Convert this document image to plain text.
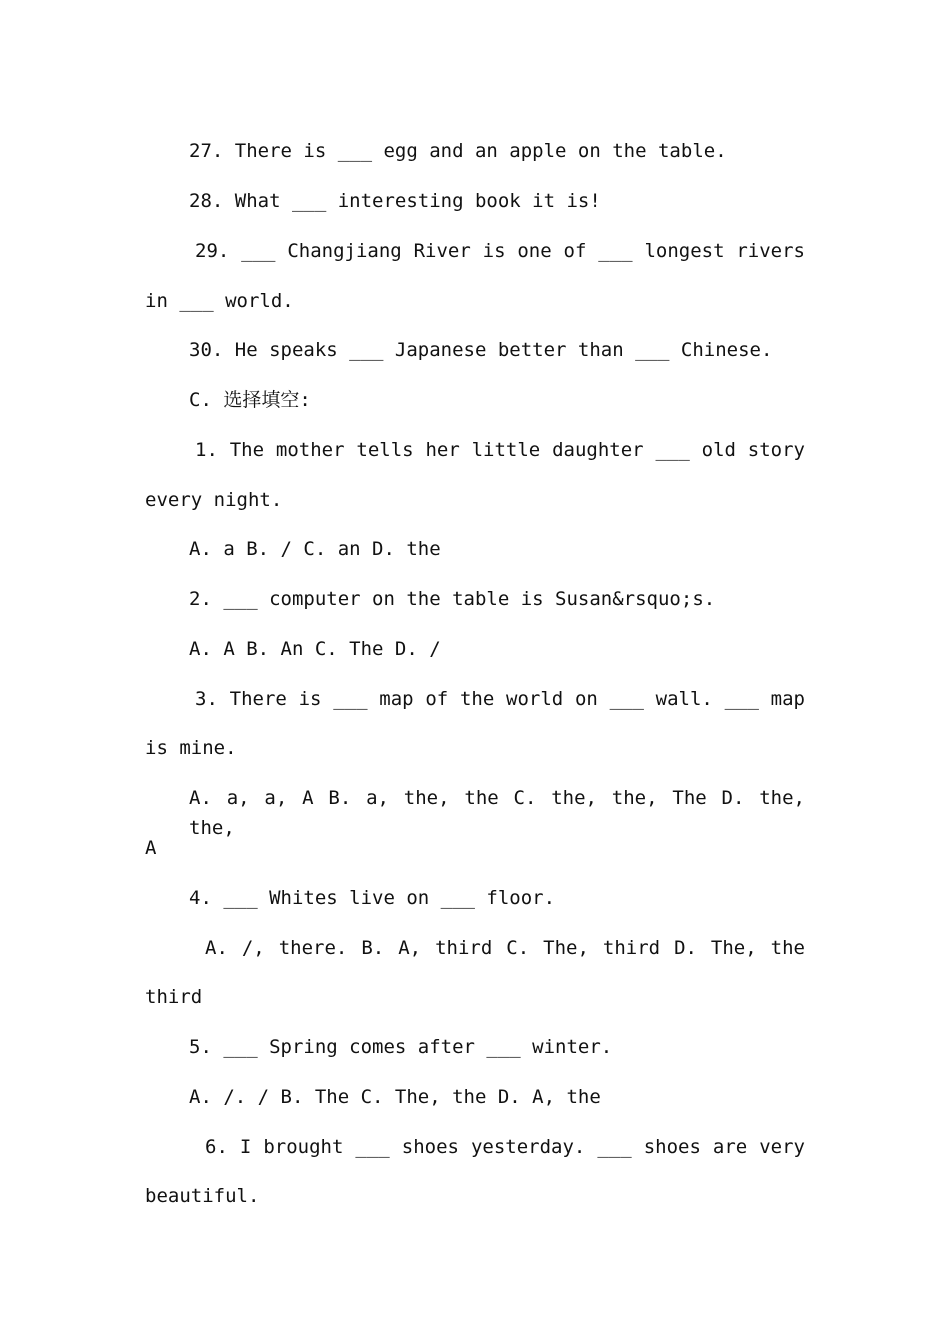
27. There is ___ egg and an apple on the table.
28. What ___ interesting book it is!
29. ___ Changjiang River is one of ___ longest rivers
in ___ world.
30. He speaks ___ Japanese better than ___ Chinese.
C. 选择填空:
1. The mother tells her little daughter ___ old story
every night.
A. a B. / C. an D. the
2. ___ computer on the table is Susan&rsquo;s.
A. A B. An C. The D. /
3. There is ___ map of the world on ___ wall. ___ map
is mine.
A. a, a, A B. a, the, the C. the, the, The D. the, the,
A
4. ___ Whites live on ___ floor.
A. /, there. B. A, third C. The, third D. The, the
third
5. ___ Spring comes after ___ winter.
A. /. / B. The C. The, the D. A, the
6. I brought ___ shoes yesterday. ___ shoes are very
beautiful.
